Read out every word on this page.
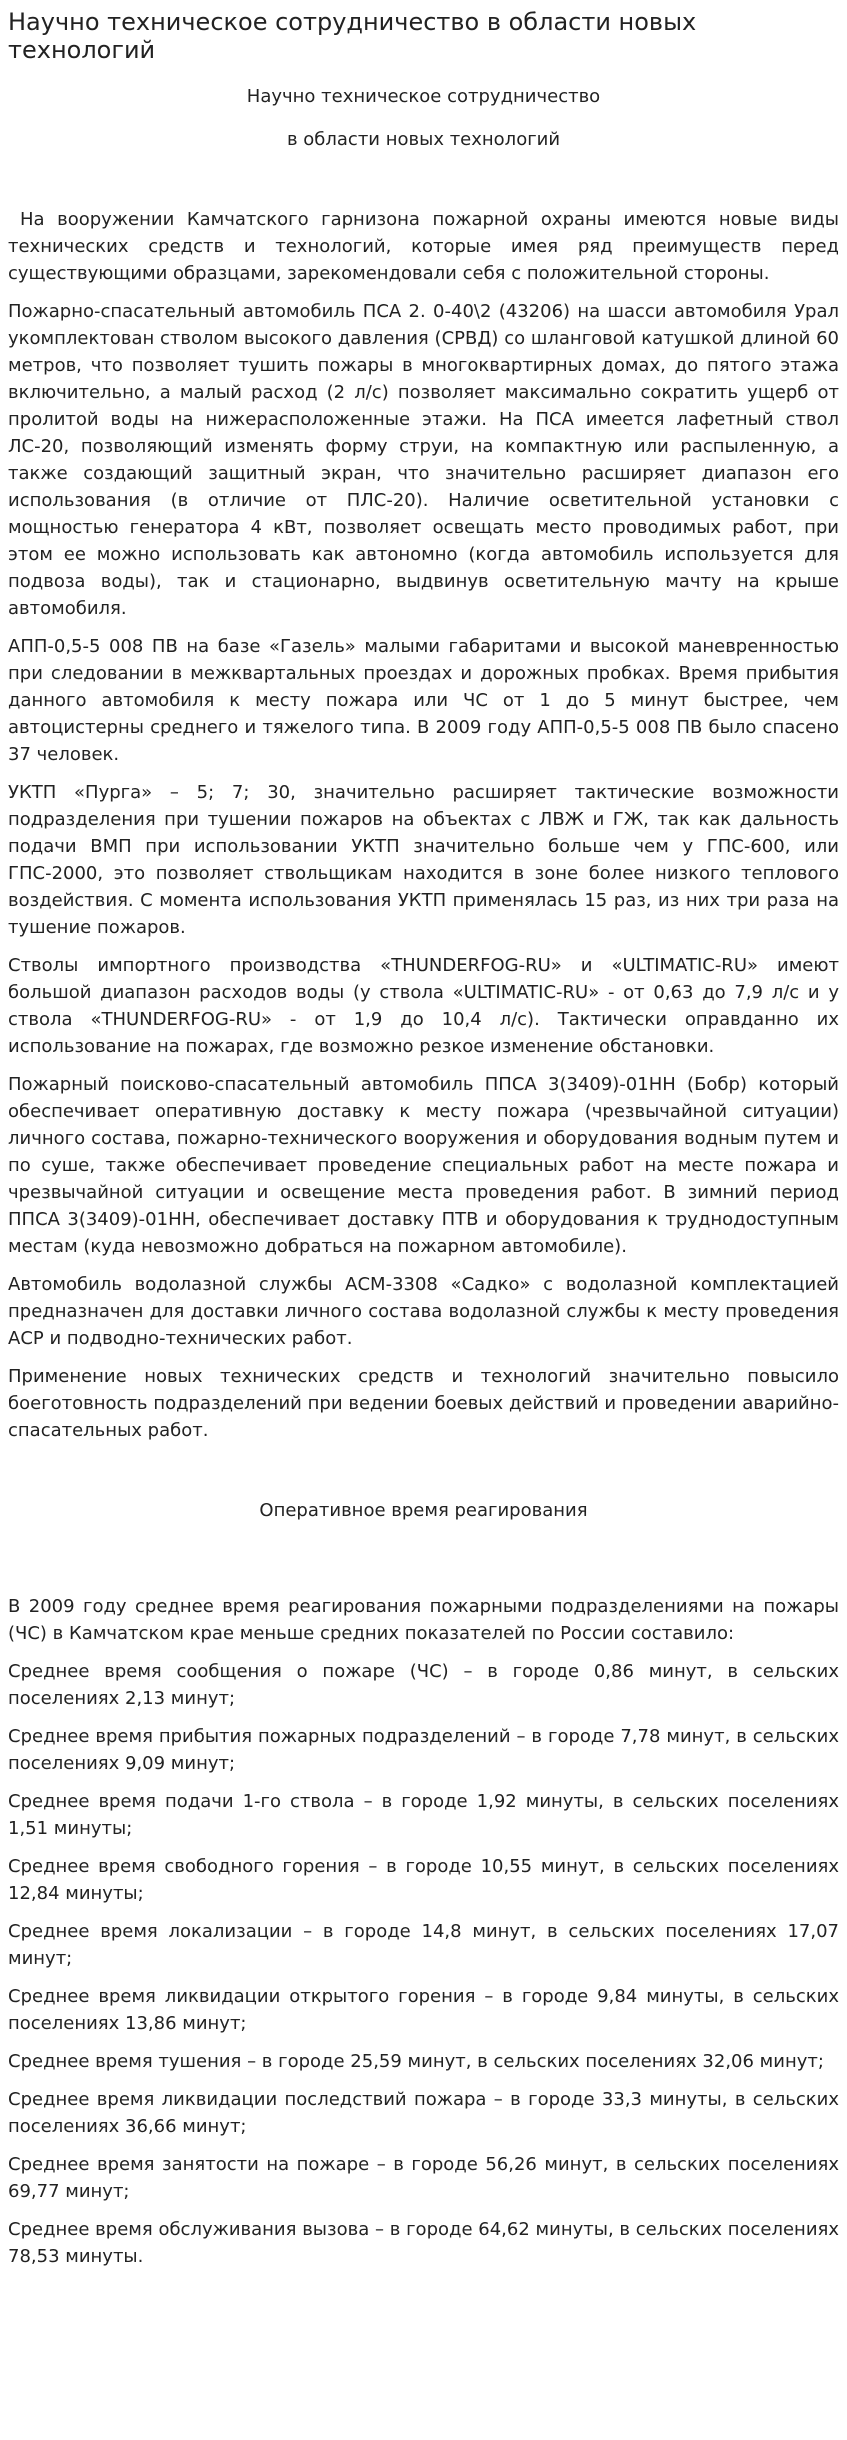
Научно техническое сотрудничество в области новых технологий

Научно техническое сотрудничество

в области новых технологий

На вооружении Камчатского гарнизона пожарной охраны имеются новые виды технических средств и технологий, которые имея ряд преимуществ перед существующими образцами, зарекомендовали себя с положительной стороны.

Пожарно-спасательный автомобиль ПСА 2. 0-40\2 (43206) на шасси автомобиля Урал укомплектован стволом высокого давления (СРВД) со шланговой катушкой длиной 60 метров, что позволяет тушить пожары в многоквартирных домах, до пятого этажа включительно, а малый расход (2 л/с) позволяет максимально сократить ущерб от пролитой воды на нижерасположенные этажи. На ПСА имеется лафетный ствол ЛС-20, позволяющий изменять форму струи, на компактную или распыленную, а также создающий защитный экран, что значительно расширяет диапазон его использования (в отличие от ПЛС-20). Наличие осветительной установки с мощностью генератора 4 кВт, позволяет освещать место проводимых работ, при этом ее можно использовать как автономно (когда автомобиль используется для подвоза воды), так и стационарно, выдвинув осветительную мачту на крыше автомобиля.

АПП-0,5-5 008 ПВ на базе «Газель» малыми габаритами и высокой маневренностью при следовании в межквартальных проездах и дорожных пробках. Время прибытия данного автомобиля к месту пожара или ЧС от 1 до 5 минут быстрее, чем автоцистерны среднего и тяжелого типа. В 2009 году АПП-0,5-5 008 ПВ было спасено 37 человек.

УКТП «Пурга» – 5; 7; 30, значительно расширяет тактические возможности подразделения при тушении пожаров на объектах с ЛВЖ и ГЖ, так как дальность подачи ВМП при использовании УКТП значительно больше чем у ГПС-600, или ГПС-2000, это позволяет ствольщикам находится в зоне более низкого теплового воздействия. С момента использования УКТП применялась 15 раз, из них три раза на тушение пожаров.

Стволы импортного производства «THUNDERFOG-RU» и «ULTIMATIC-RU» имеют большой диапазон расходов воды (у ствола «ULTIMATIC-RU» - от 0,63 до 7,9 л/с и у ствола «THUNDERFOG-RU» - от 1,9 до 10,4 л/с). Тактически оправданно их использование на пожарах, где возможно резкое изменение обстановки.

Пожарный поисково-спасательный автомобиль ППСА 3(3409)-01НН (Бобр) который обеспечивает оперативную доставку к месту пожара (чрезвычайной ситуации) личного состава, пожарно-технического вооружения и оборудования водным путем и по суше, также обеспечивает проведение специальных работ на месте пожара и чрезвычайной ситуации и освещение места проведения работ. В зимний период ППСА 3(3409)-01НН, обеспечивает доставку ПТВ и оборудования к труднодоступным местам (куда невозможно добраться на пожарном автомобиле).

Автомобиль водолазной службы АСМ-3308 «Садко» с водолазной комплектацией предназначен для доставки личного состава водолазной службы к месту проведения АСР и подводно-технических работ.

Применение новых технических средств и технологий значительно повысило боеготовность подразделений при ведении боевых действий и проведении аварийно-спасательных работ.

Оперативное время реагирования

В 2009 году среднее время реагирования пожарными подразделениями на пожары (ЧС) в Камчатском крае меньше средних показателей по России составило:

Среднее время сообщения о пожаре (ЧС) – в городе 0,86 минут, в сельских поселениях 2,13 минут;

Среднее время прибытия пожарных подразделений – в городе 7,78 минут, в сельских поселениях 9,09 минут;

Среднее время подачи 1-го ствола – в городе 1,92 минуты, в сельских поселениях 1,51 минуты;

Среднее время свободного горения – в городе 10,55 минут, в сельских поселениях 12,84 минуты;

Среднее время локализации – в городе 14,8 минут, в сельских поселениях 17,07 минут;

Среднее время ликвидации открытого горения – в городе 9,84 минуты, в сельских поселениях 13,86 минут;

Среднее время тушения – в городе 25,59 минут, в сельских поселениях 32,06 минут;

Среднее время ликвидации последствий пожара – в городе 33,3 минуты, в сельских поселениях 36,66 минут;

Среднее время занятости на пожаре – в городе 56,26 минут, в сельских поселениях 69,77 минут;

Среднее время обслуживания вызова – в городе 64,62 минуты, в сельских поселениях 78,53 минуты.
